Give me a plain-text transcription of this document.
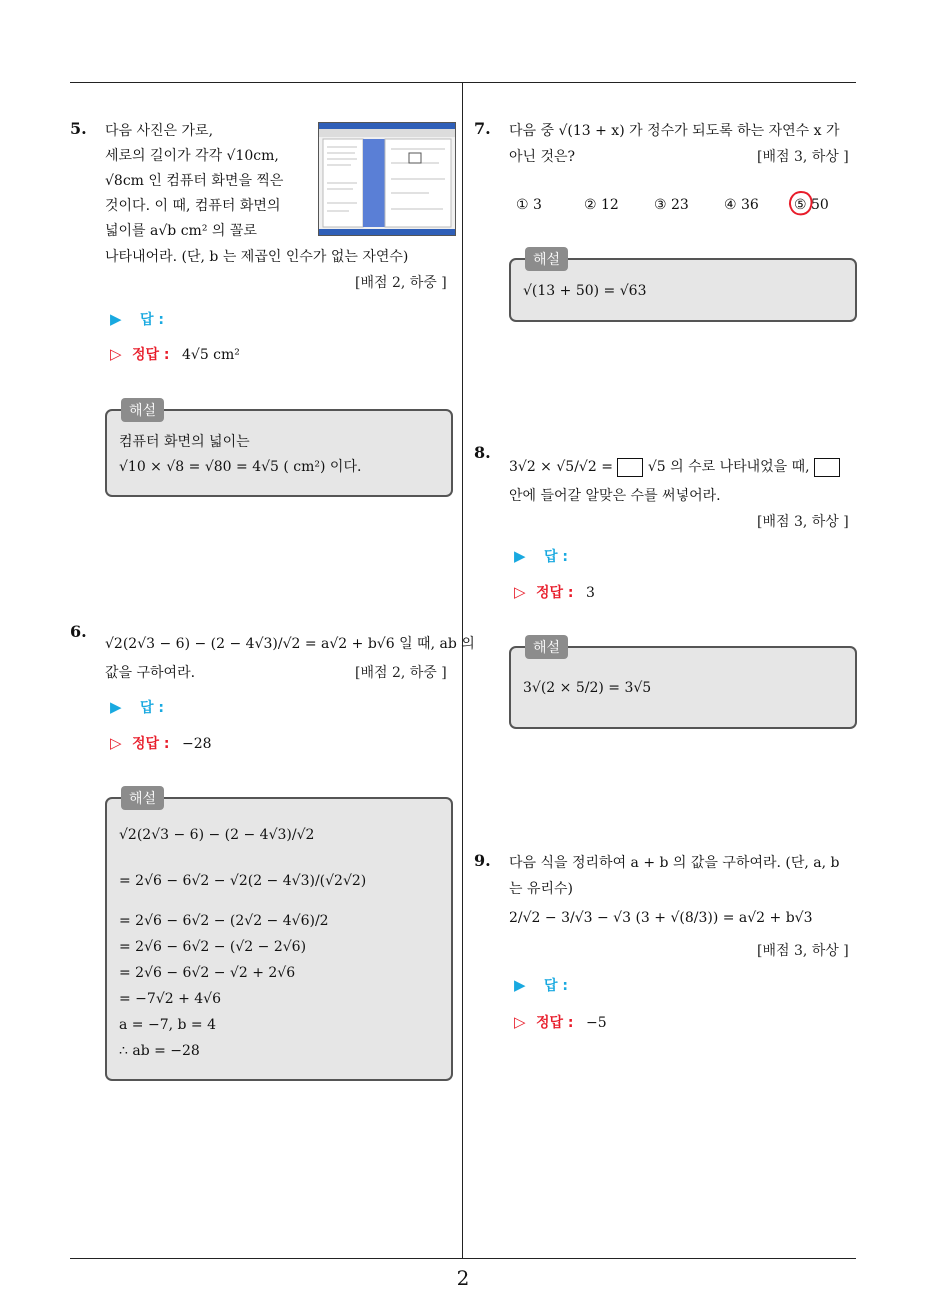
5. 다음 사진은 가로,
세로의 길이가 각각 √10cm,
√8cm 인 컴퓨터 화면을 찍은
것이다. 이 때, 컴퓨터 화면의
넓이를 a√b cm² 의 꼴로
나타내어라. (단, b 는 제곱인 인수가 없는 자연수)
[배점 2, 하중 ]
▶ 답 :
▷ 정답 : 4√5 cm²
해설
컴퓨터 화면의 넓이는
√10 × √8 = √80 = 4√5 ( cm²) 이다.
6.
√2(2√3 − 6) − (2 − 4√3)/√2 = a√2 + b√6 일 때, ab 의
값을 구하여라.	[배점 2, 하중 ]
▶ 답 :
▷ 정답 : −28
해설
√2(2√3 − 6) − (2 − 4√3)/√2
= 2√6 − 6√2 − √2(2 − 4√3)/(√2√2)
= 2√6 − 6√2 − (2√2 − 4√6)/2
= 2√6 − 6√2 − (√2 − 2√6)
= 2√6 − 6√2 − √2 + 2√6
= −7√2 + 4√6
a = −7, b = 4
∴ ab = −28
7. 다음 중 √(13 + x) 가 정수가 되도록 하는 자연수 x 가
아닌 것은?	[배점 3, 하상 ]
① 3	② 12	③ 23	④ 36	⑤ 50
해설
√(13 + 50) = √63
8.
3√2 × √5/√2 = √5 의 수로 나타내었을 때,
안에 들어갈 알맞은 수를 써넣어라.
[배점 3, 하상 ]
▶ 답 :
▷ 정답 : 3
해설
3√(2 × 5/2) = 3√5
9. 다음 식을 정리하여 a + b 의 값을 구하여라. (단, a, b
는 유리수)
2/√2 − 3/√3 − √3 (3 + √(8/3)) = a√2 + b√3
[배점 3, 하상 ]
▶ 답 :
▷ 정답 : −5
2
